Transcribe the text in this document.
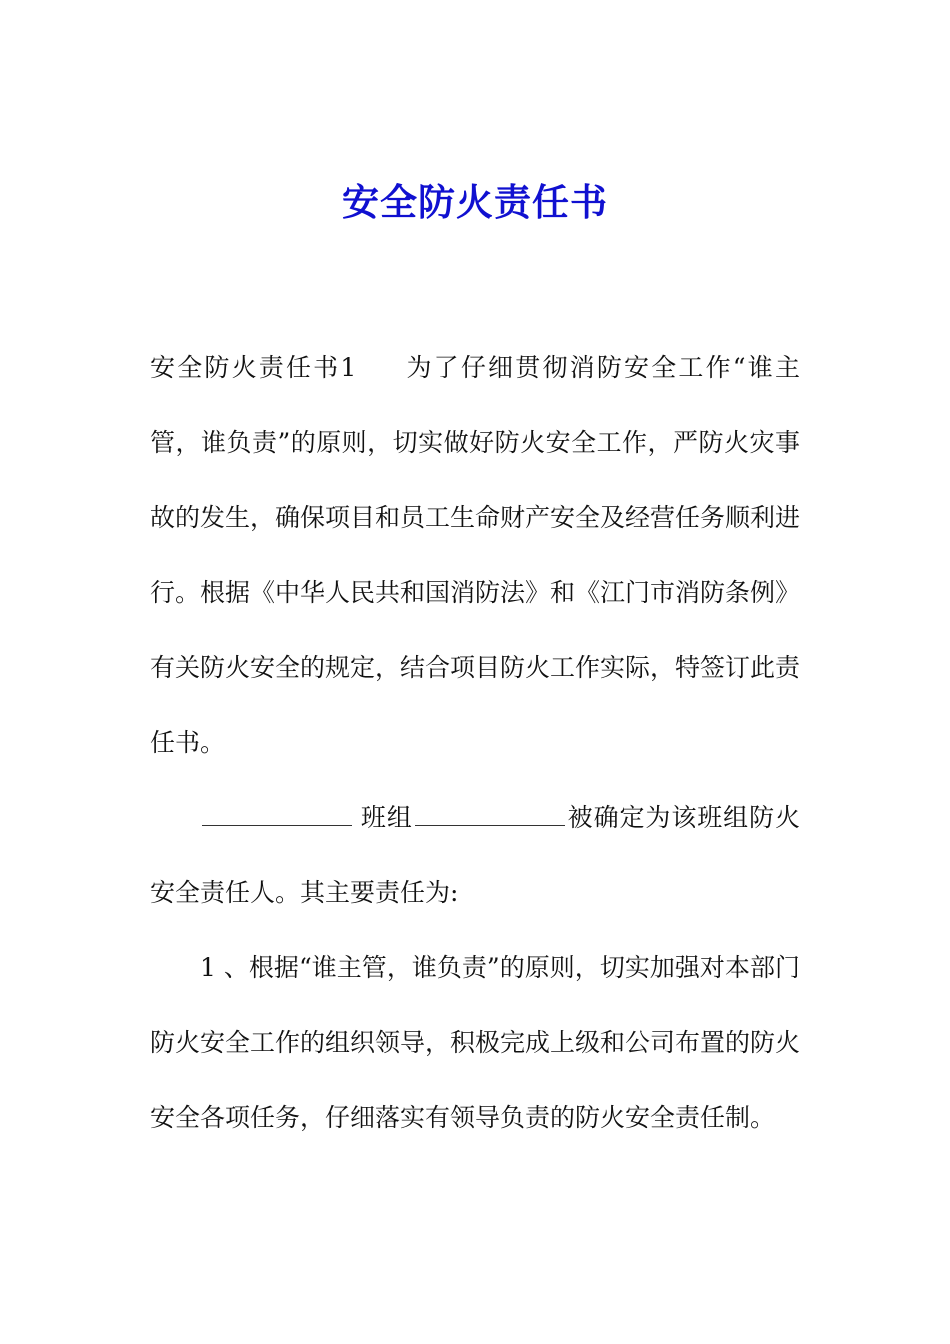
安全防火责任书

安全防火责任书1 为了仔细贯彻消防安全工作“谁主管，谁负责”的原则，切实做好防火安全工作，严防火灾事故的发生，确保项目和员工生命财产安全及经营任务顺利进行。根据《中华人民共和国消防法》和《江门市消防条例》有关防火安全的规定，结合项目防火工作实际，特签订此责任书。

班组	被确定为该班组防火安全责任人。其主要责任为:

1 、根据“谁主管，谁负责”的原则，切实加强对本部门防火安全工作的组织领导，积极完成上级和公司布置的防火安全各项任务，仔细落实有领导负责的防火安全责任制。
